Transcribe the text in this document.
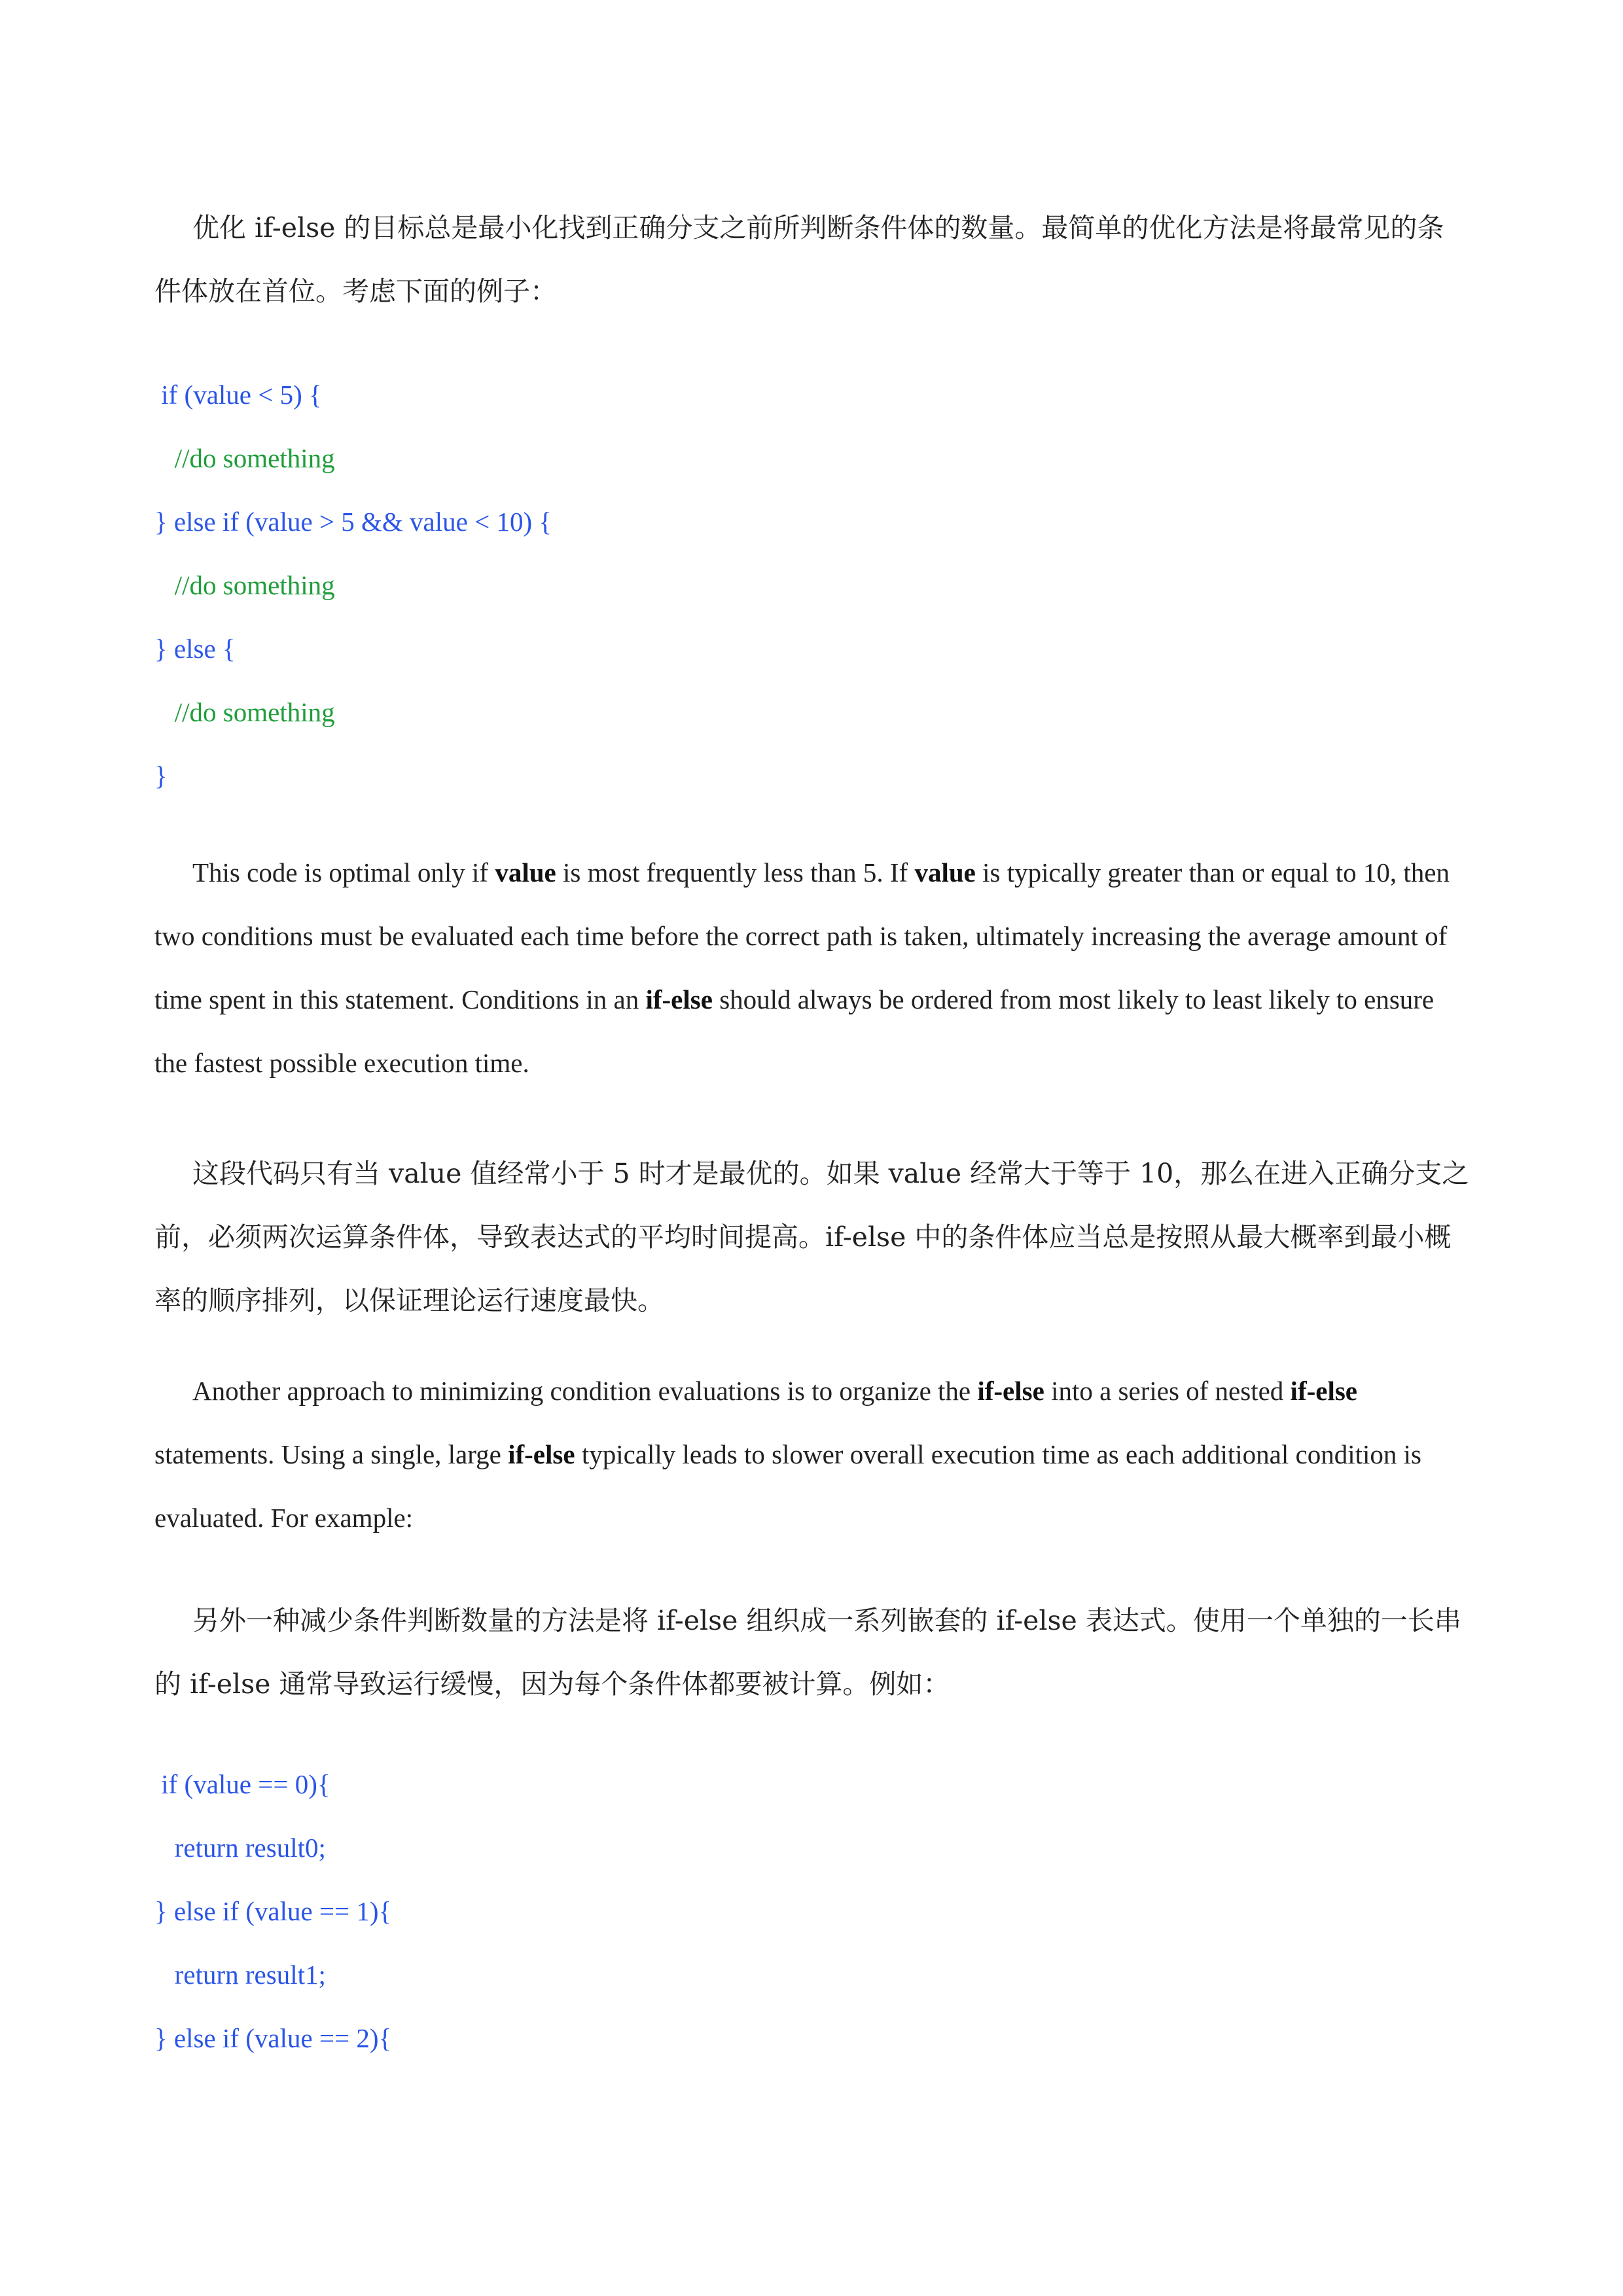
优化 if-else 的目标总是最小化找到正确分支之前所判断条件体的数量。最简单的优化方法是将最常见的条件体放在首位。考虑下面的例子：

if (value < 5) {
//do something
} else if (value > 5 && value < 10) {
//do something
} else {
//do something
}

This code is optimal only if value is most frequently less than 5. If value is typically greater than or equal to 10, then two conditions must be evaluated each time before the correct path is taken, ultimately increasing the average amount of time spent in this statement. Conditions in an if-else should always be ordered from most likely to least likely to ensure the fastest possible execution time.

这段代码只有当 value 值经常小于 5 时才是最优的。如果 value 经常大于等于 10，那么在进入正确分支之前，必须两次运算条件体，导致表达式的平均时间提高。if-else 中的条件体应当总是按照从最大概率到最小概率的顺序排列，以保证理论运行速度最快。

Another approach to minimizing condition evaluations is to organize the if-else into a series of nested if-else statements. Using a single, large if-else typically leads to slower overall execution time as each additional condition is evaluated. For example:

另外一种减少条件判断数量的方法是将 if-else 组织成一系列嵌套的 if-else 表达式。使用一个单独的一长串的 if-else 通常导致运行缓慢，因为每个条件体都要被计算。例如：

if (value == 0){
return result0;
} else if (value == 1){
return result1;
} else if (value == 2){
